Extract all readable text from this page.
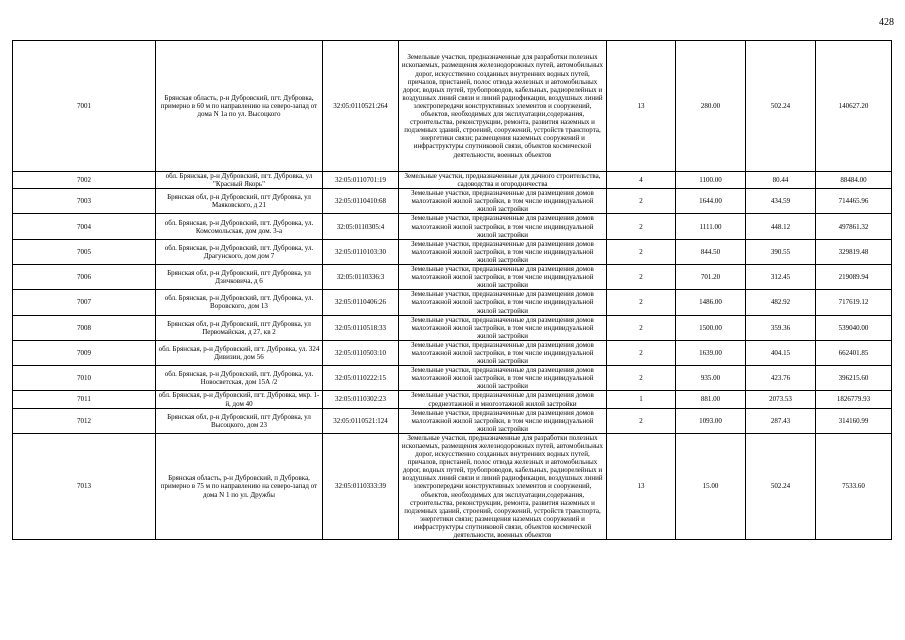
428
7001	Брянская область, р-н Дубровский, пгт. Дубровка, примерно в 60 м по направлению на северо-запад от дома N 1а по ул. Высоцкого	32:05:0110521:264	Земельные участки, предназначенные для разработки полезных ископаемых, размещения железнодорожных путей, автомобильных дорог, искусственно созданных внутренних водных путей, причалов, пристаней, полос отвода железных и автомобильных дорог, водных путей, трубопроводов, кабельных, радиорелейных и воздушных линий связи и линий радиофикации, воздушных линий электропередачи конструктивных элементов и сооружений, объектов, необходимых для эксплуатации,содержания, строительства, реконструкции, ремонта, развития наземных и подземных зданий, строений, сооружений, устройств транспорта, энергетики связи; размещения наземных сооружений и инфраструктуры спутниковой связи, объектов космической деятельности, военных объектов	13	280.00	502.24	140627.20
7002	обл. Брянская, р-н Дубровский, пгт. Дубровка, ул "Красный Якорь"	32:05:0110701:19	Земельные участки, предназначенные для дачного строительства, садоводства и огородничества	4	1100.00	80.44	88484.00
7003	Брянская обл, р-н Дубровский, пгт Дубровка, ул Маяковского, д 21	32:05:0110410:68	Земельные участки, предназначенные для размещения домов малоэтажной жилой застройки, в том числе индивидуальной жилой застройки	2	1644.00	434.59	714465.96
7004	обл. Брянская, р-н Дубровский, пгт. Дубровка, ул. Комсомольская, дом дом. 3-а	32:05:0110305:4	Земельные участки, предназначенные для размещения домов малоэтажной жилой застройки, в том числе индивидуальной жилой застройки	2	1111.00	448.12	497861.32
7005	обл. Брянская, р-н Дубровский, пгт. Дубровка, ул. Драгунского, дом дом 7	32:05:0110103:30	Земельные участки, предназначенные для размещения домов малоэтажной жилой застройки, в том числе индивидуальной жилой застройки	2	844.50	390.55	329819.48
7006	Брянская обл, р-н Дубровский, пгт Дубровка, ул Дзичковича, д 6	32:05:0110336:3	Земельные участки, предназначенные для размещения домов малоэтажной жилой застройки, в том числе индивидуальной жилой застройки	2	701.20	312.45	219089.94
7007	обл. Брянская, р-н Дубровский, пгт. Дубровка, ул. Воровского, дом 13	32:05:0110406:26	Земельные участки, предназначенные для размещения домов малоэтажной жилой застройки, в том числе индивидуальной жилой застройки	2	1486.00	482.92	717619.12
7008	Брянская обл, р-н Дубровский, пгт Дубровка, ул Первомайская, д 27, кв 2	32:05:0110518:33	Земельные участки, предназначенные для размещения домов малоэтажной жилой застройки, в том числе индивидуальной жилой застройки	2	1500.00	359.36	539040.00
7009	обл. Брянская, р-н Дубровский, пгт. Дубровка, ул. 324 Дивизии, дом 56	32:05:0110503:10	Земельные участки, предназначенные для размещения домов малоэтажной жилой застройки, в том числе индивидуальной жилой застройки	2	1639.00	404.15	662401.85
7010	обл. Брянская, р-н Дубровский, пгт. Дубровка, ул. Новосветская, дом 15А /2	32:05:0110222:15	Земельные участки, предназначенные для размещения домов малоэтажной жилой застройки, в том числе индивидуальной жилой застройки	2	935.00	423.76	396215.60
7011	обл. Брянская, р-н Дубровский, пгт. Дубровка, мкр. 1-й, дом 40	32:05:0110302:23	Земельные участки, предназначенные для размещения домов среднеэтажной и многоэтажной жилой застройки	1	881.00	2073.53	1826779.93
7012	Брянская обл, р-н Дубровский, пгт Дубровка, ул Высоцкого, дом 23	32:05:0110521:124	Земельные участки, предназначенные для размещения домов малоэтажной жилой застройки, в том числе индивидуальной жилой застройки	2	1093.00	287.43	314160.99
7013	Брянская область, р-н Дубровский, п Дубровка, примерно в 75 м по направлению на северо-запад от дома N 1 по ул. Дружбы	32:05:0110333:39	Земельные участки, предназначенные для разработки полезных ископаемых, размещения железнодорожных путей, автомобильных дорог, искусственно созданных внутренних водных путей, причалов, пристаней, полос отвода железных и автомобильных дорог, водных путей, трубопроводов, кабельных, радиорелейных и воздушных линий связи и линий радиофикации, воздушных линий электропередачи конструктивных элементов и сооружений, объектов, необходимых для эксплуатации,содержания, строительства, реконструкции, ремонта, развития наземных и подземных зданий, строений, сооружений, устройств транспорта, энергетики связи; размещения наземных сооружений и инфраструктуры спутниковой связи, объектов космической деятельности, военных объектов	13	15.00	502.24	7533.60
